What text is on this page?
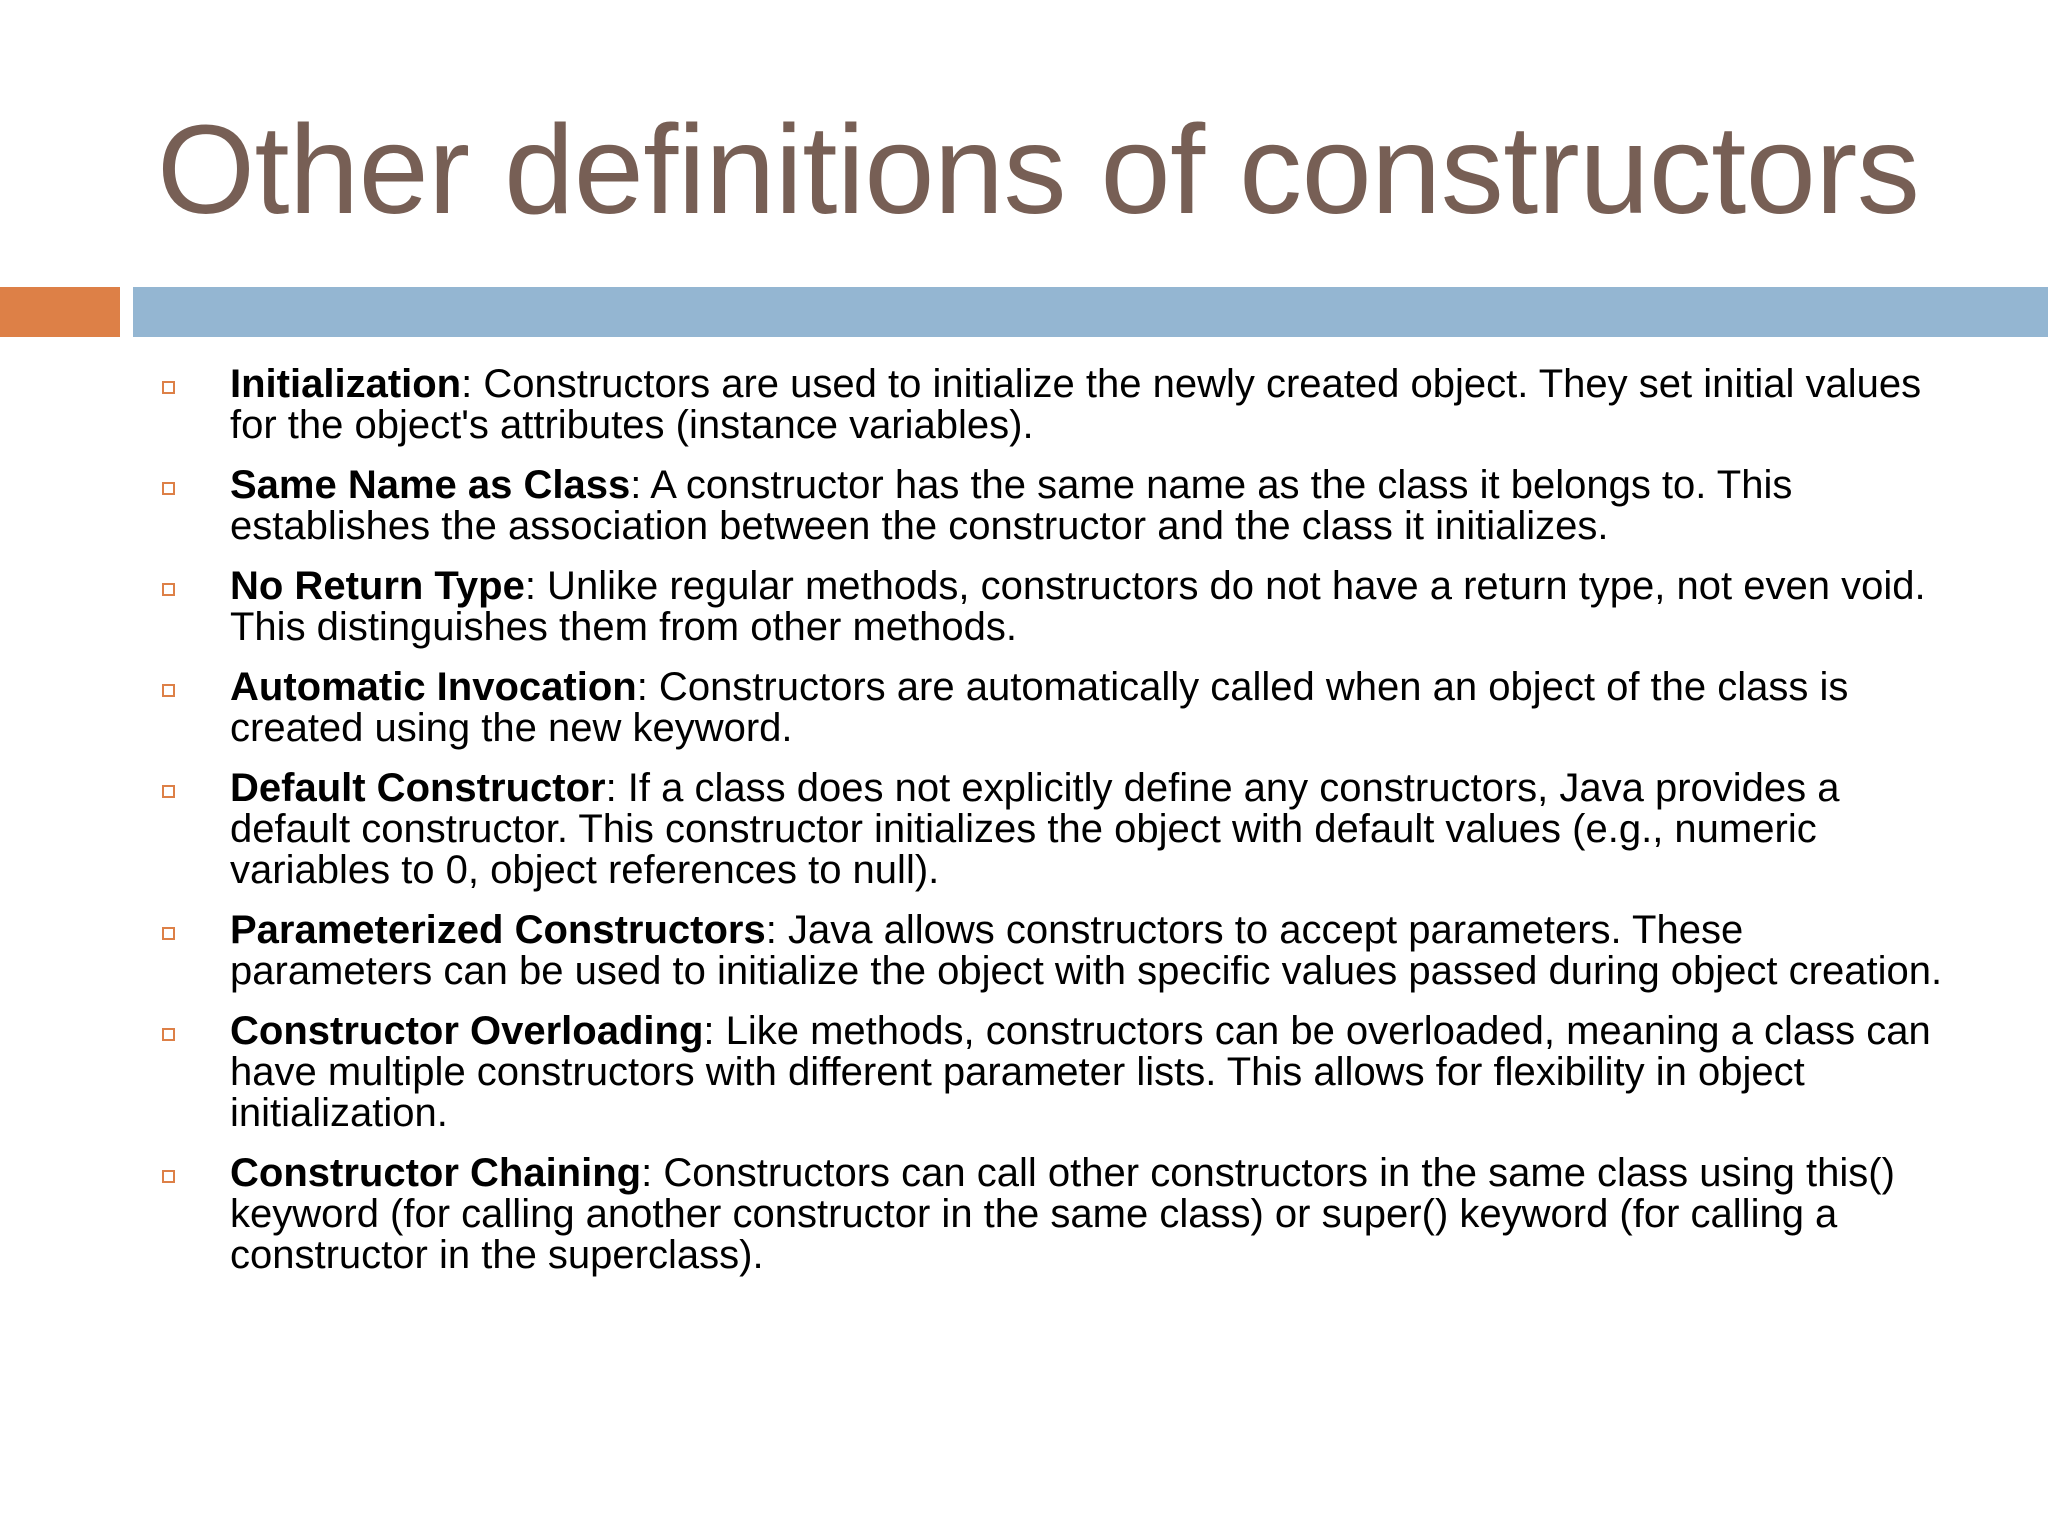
Other definitions of constructors
Initialization: Constructors are used to initialize the newly created object. They set initial values for the object's attributes (instance variables).
Same Name as Class: A constructor has the same name as the class it belongs to. This establishes the association between the constructor and the class it initializes.
No Return Type: Unlike regular methods, constructors do not have a return type, not even void. This distinguishes them from other methods.
Automatic Invocation: Constructors are automatically called when an object of the class is created using the new keyword.
Default Constructor: If a class does not explicitly define any constructors, Java provides a default constructor. This constructor initializes the object with default values (e.g., numeric variables to 0, object references to null).
Parameterized Constructors: Java allows constructors to accept parameters. These parameters can be used to initialize the object with specific values passed during object creation.
Constructor Overloading: Like methods, constructors can be overloaded, meaning a class can have multiple constructors with different parameter lists. This allows for flexibility in object initialization.
Constructor Chaining: Constructors can call other constructors in the same class using this() keyword (for calling another constructor in the same class) or super() keyword (for calling a constructor in the superclass).
